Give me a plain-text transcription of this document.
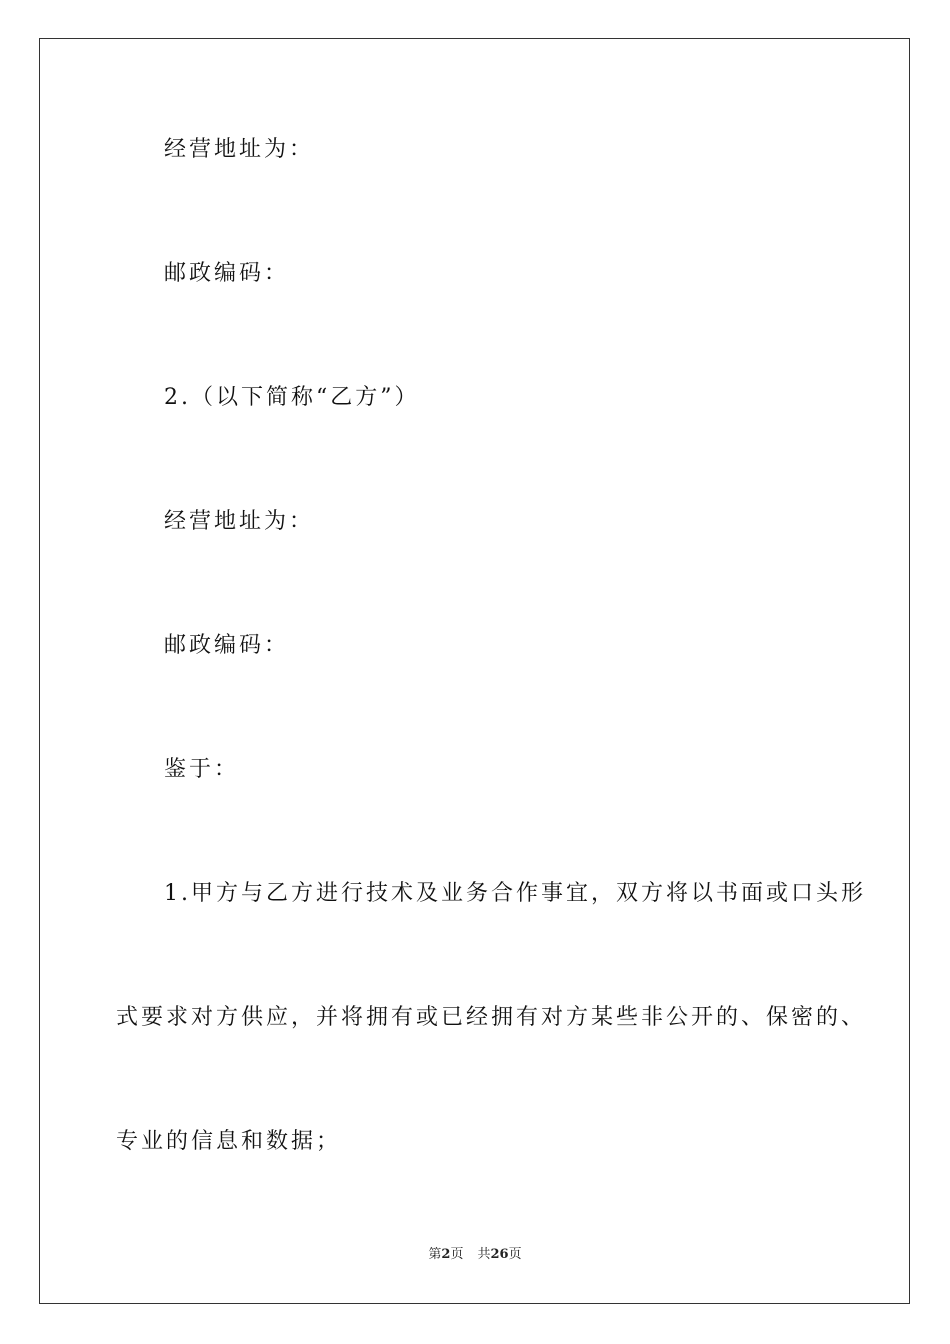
经营地址为：
邮政编码：
2.（以下简称“乙方”）
经营地址为：
邮政编码：
鉴于：
1.甲方与乙方进行技术及业务合作事宜，双方将以书面或口头形
式要求对方供应，并将拥有或已经拥有对方某些非公开的、保密的、
专业的信息和数据；
第2页 共26页
